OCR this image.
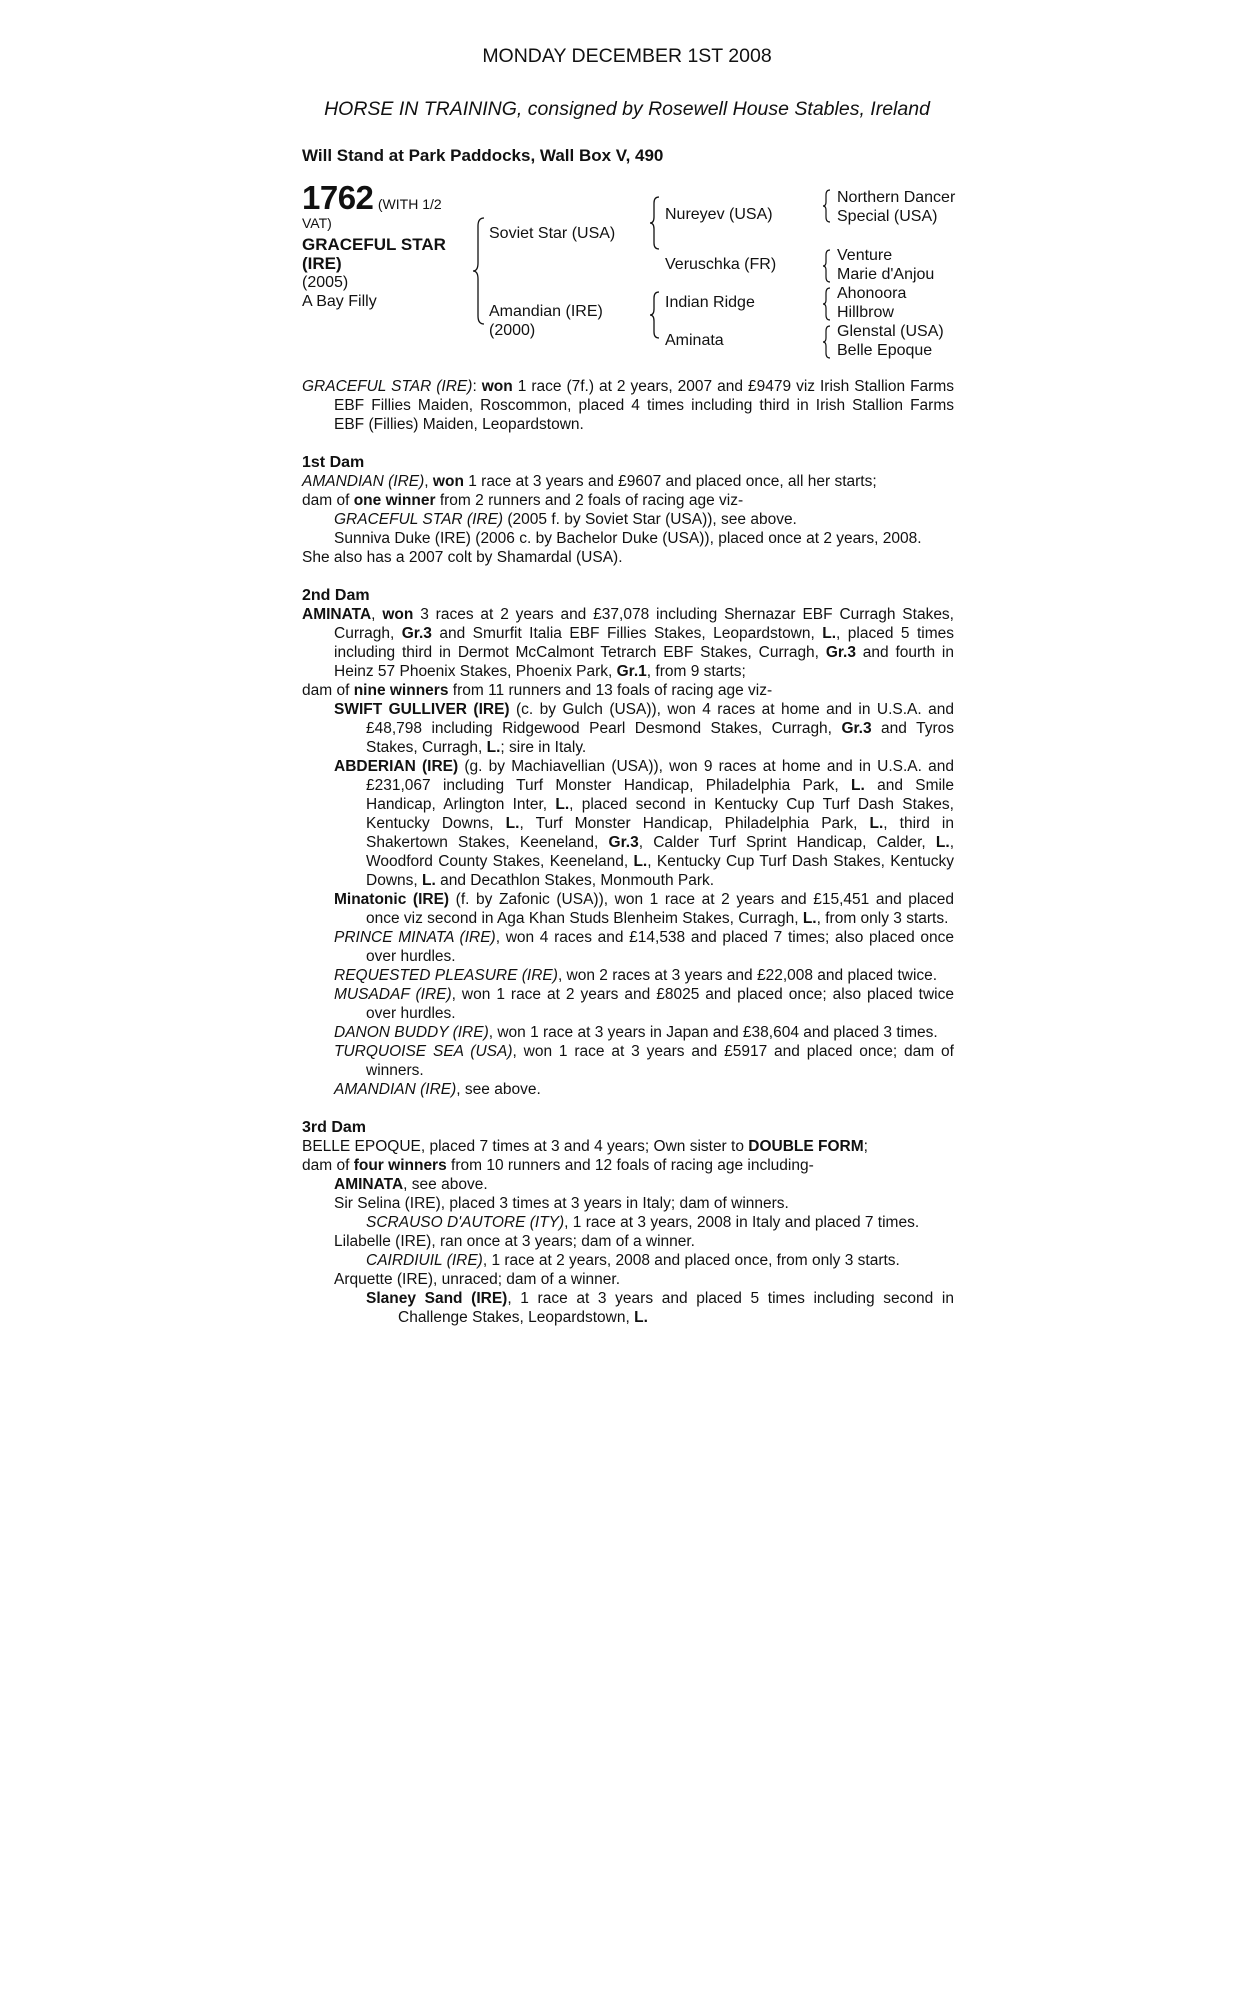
MONDAY DECEMBER 1ST 2008
HORSE IN TRAINING, consigned by Rosewell House Stables, Ireland
Will Stand at Park Paddocks, Wall Box V, 490
1762 (WITH 1/2
VAT)
GRACEFUL STAR
(IRE)
(2005)
A Bay Filly
Soviet Star (USA)
Amandian (IRE)
(2000)
Nureyev (USA)
Veruschka (FR)
Indian Ridge
Aminata
Northern Dancer
Special (USA)
Venture
Marie d'Anjou
Ahonoora
Hillbrow
Glenstal (USA)
Belle Epoque
GRACEFUL STAR (IRE): won 1 race (7f.) at 2 years, 2007 and £9479 viz Irish Stallion Farms EBF Fillies Maiden, Roscommon, placed 4 times including third in Irish Stallion Farms EBF (Fillies) Maiden, Leopardstown.
1st Dam
AMANDIAN (IRE), won 1 race at 3 years and £9607 and placed once, all her starts;
dam of one winner from 2 runners and 2 foals of racing age viz-
GRACEFUL STAR (IRE) (2005 f. by Soviet Star (USA)), see above.
Sunniva Duke (IRE) (2006 c. by Bachelor Duke (USA)), placed once at 2 years, 2008.
She also has a 2007 colt by Shamardal (USA).
2nd Dam
AMINATA, won 3 races at 2 years and £37,078 including Shernazar EBF Curragh Stakes, Curragh, Gr.3 and Smurfit Italia EBF Fillies Stakes, Leopardstown, L., placed 5 times including third in Dermot McCalmont Tetrarch EBF Stakes, Curragh, Gr.3 and fourth in Heinz 57 Phoenix Stakes, Phoenix Park, Gr.1, from 9 starts;
dam of nine winners from 11 runners and 13 foals of racing age viz-
SWIFT GULLIVER (IRE) (c. by Gulch (USA)), won 4 races at home and in U.S.A. and £48,798 including Ridgewood Pearl Desmond Stakes, Curragh, Gr.3 and Tyros Stakes, Curragh, L.; sire in Italy.
ABDERIAN (IRE) (g. by Machiavellian (USA)), won 9 races at home and in U.S.A. and £231,067 including Turf Monster Handicap, Philadelphia Park, L. and Smile Handicap, Arlington Inter, L., placed second in Kentucky Cup Turf Dash Stakes, Kentucky Downs, L., Turf Monster Handicap, Philadelphia Park, L., third in Shakertown Stakes, Keeneland, Gr.3, Calder Turf Sprint Handicap, Calder, L., Woodford County Stakes, Keeneland, L., Kentucky Cup Turf Dash Stakes, Kentucky Downs, L. and Decathlon Stakes, Monmouth Park.
Minatonic (IRE) (f. by Zafonic (USA)), won 1 race at 2 years and £15,451 and placed once viz second in Aga Khan Studs Blenheim Stakes, Curragh, L., from only 3 starts.
PRINCE MINATA (IRE), won 4 races and £14,538 and placed 7 times; also placed once over hurdles.
REQUESTED PLEASURE (IRE), won 2 races at 3 years and £22,008 and placed twice.
MUSADAF (IRE), won 1 race at 2 years and £8025 and placed once; also placed twice over hurdles.
DANON BUDDY (IRE), won 1 race at 3 years in Japan and £38,604 and placed 3 times.
TURQUOISE SEA (USA), won 1 race at 3 years and £5917 and placed once; dam of winners.
AMANDIAN (IRE), see above.
3rd Dam
BELLE EPOQUE, placed 7 times at 3 and 4 years; Own sister to DOUBLE FORM;
dam of four winners from 10 runners and 12 foals of racing age including-
AMINATA, see above.
Sir Selina (IRE), placed 3 times at 3 years in Italy; dam of winners.
SCRAUSO D'AUTORE (ITY), 1 race at 3 years, 2008 in Italy and placed 7 times.
Lilabelle (IRE), ran once at 3 years; dam of a winner.
CAIRDIUIL (IRE), 1 race at 2 years, 2008 and placed once, from only 3 starts.
Arquette (IRE), unraced; dam of a winner.
Slaney Sand (IRE), 1 race at 3 years and placed 5 times including second in Challenge Stakes, Leopardstown, L.
